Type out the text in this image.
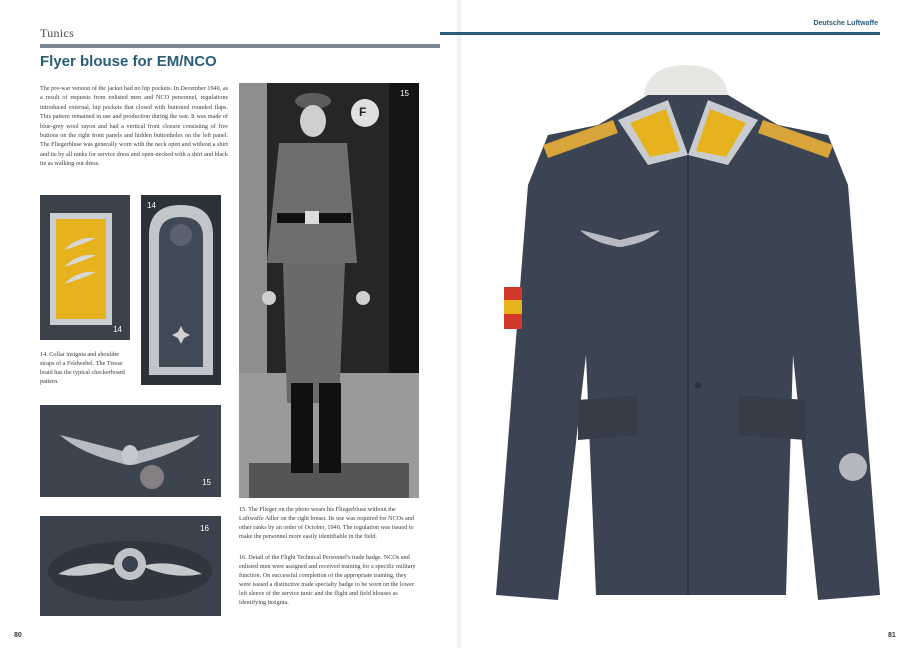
Tunics
Deutsche Luftwaffe
Flyer blouse for EM/NCO
The pre-war version of the jacket had no hip pockets. In December 1940, as a result of requests from enlisted men and NCO personnel, regulations introduced external, hip pockets that closed with buttoned rounded flaps. This pattern remained in use and production during the war. It was made of blue-grey wool rayon and had a vertical front closure consisting of five buttons on the right front panels and hidden buttonholes on the left panel. The Fliegerbluse was generally worn with the neck open and without a shirt and tie by all ranks for service dress and open-necked with a shirt and black tie as walking out dress.
14
14
14. Collar insignia and shoulder straps of a Feldwebel. The Tresse braid has the typical checkerboard pattern.
15
16
F
15
15. The Flieger on the photo wears his Fliegerbluse without the Luftwaffe Adler on the right breast. Its use was required for NCOs and other ranks by an order of October, 1940. The regulation was issued to make the personnel more easily identifiable in the field.
16. Detail of the Flight Technical Personnel's trade badge. NCOs and enlisted men were assigned and received training for a specific military function. On successful completion of the appropriate training, they were issued a distinctive trade specialty badge to be worn on the lower left sleeve of the service tunic and the flight and field blouses as identifying insignia.
80	81
